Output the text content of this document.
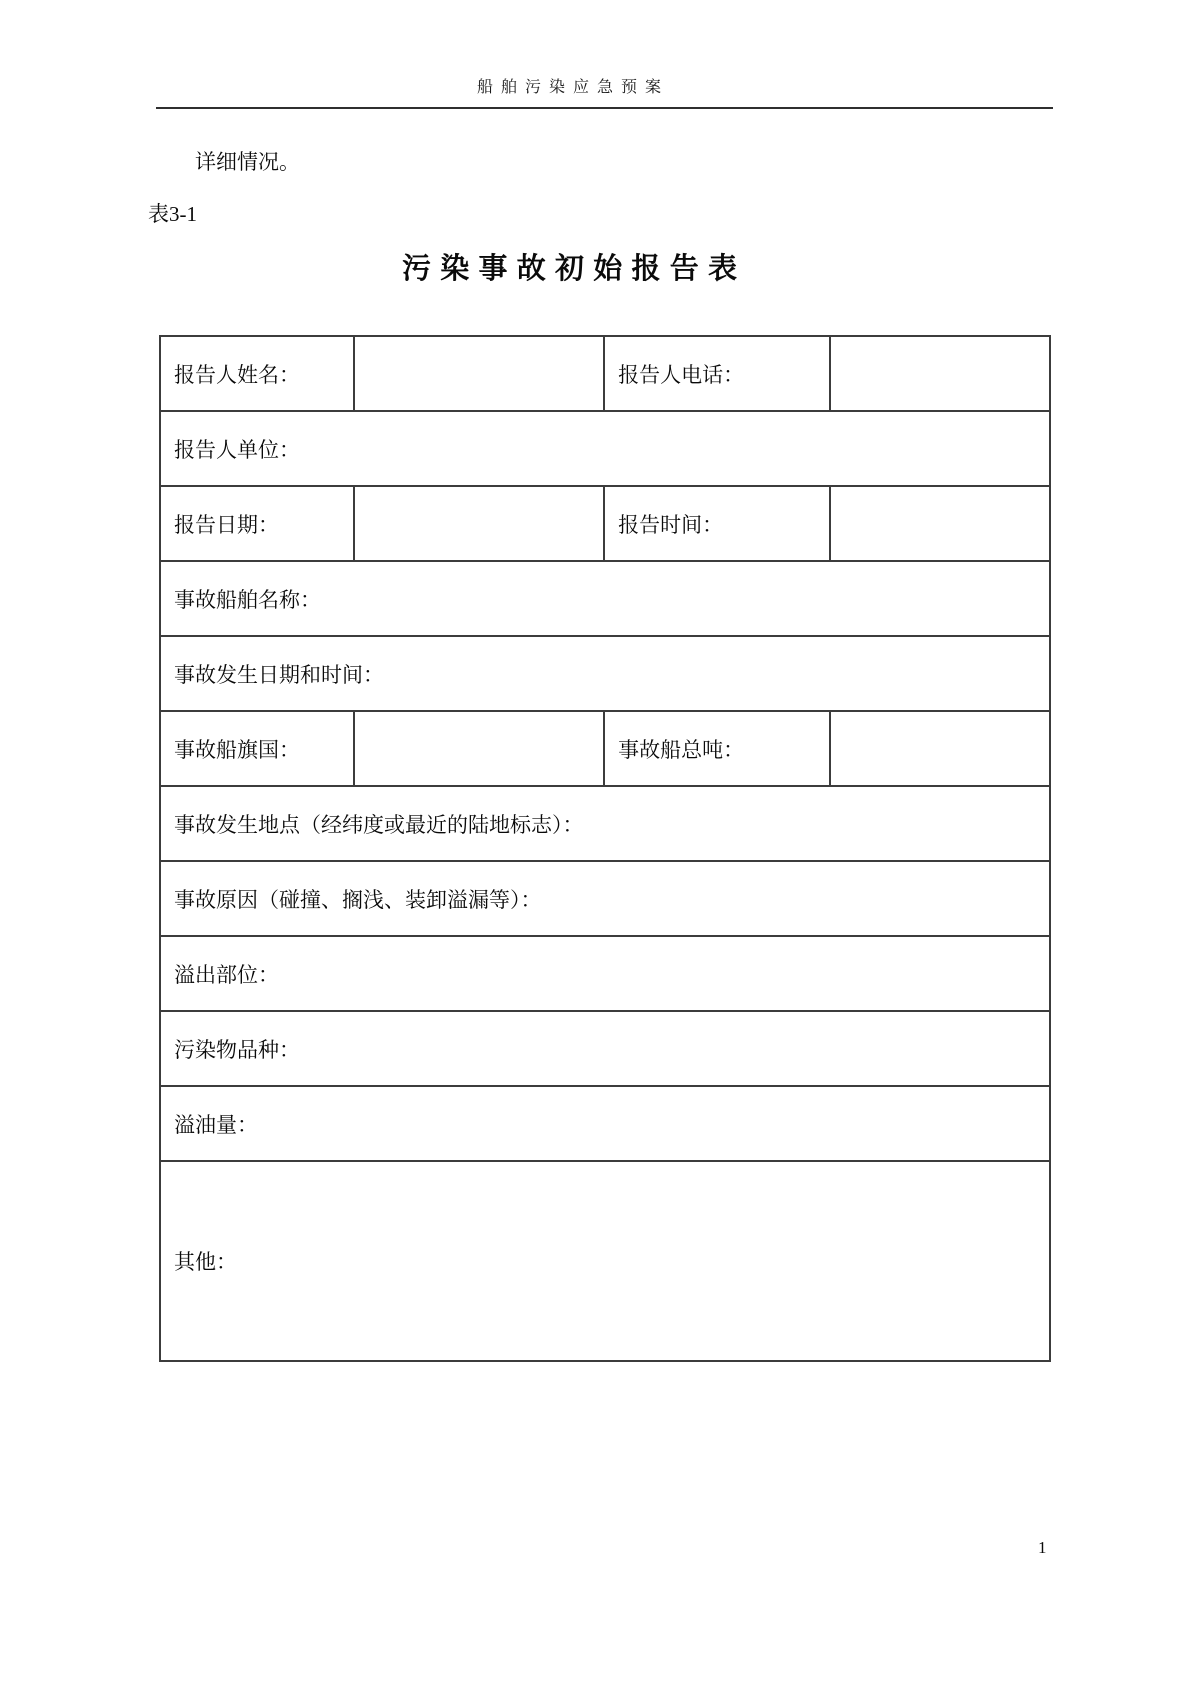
船 舶 污 染 应 急 预 案
详细情况。
表3-1
污 染 事 故 初 始 报 告 表
报告人姓名：		报告人电话：	
报告人单位：			
报告日期：		报告时间：	
事故船舶名称：			
事故发生日期和时间：			
事故船旗国：		事故船总吨：	
事故发生地点（经纬度或最近的陆地标志）：			
事故原因（碰撞、搁浅、装卸溢漏等）：			
溢出部位：			
污染物品种：			
溢油量：			
其他：			
1
